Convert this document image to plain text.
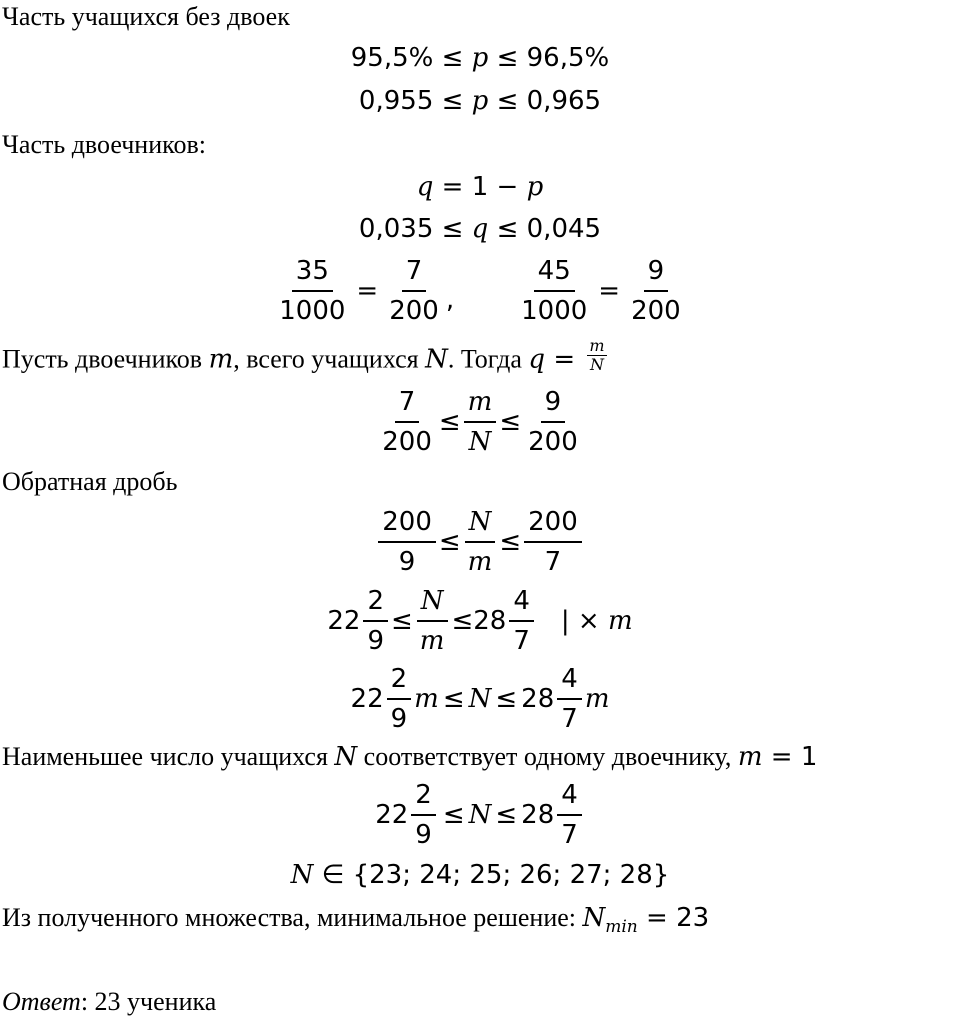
Часть учащихся без двоек
95,5% ≤ p ≤ 96,5%
0,955 ≤ p ≤ 0,965
Часть двоечников:
q = 1 − p
0,035 ≤ q ≤ 0,045
$\frac{35}{1000} = \frac{7}{200}$ , $\frac{45}{1000} = \frac{9}{200}$
Пусть двоечников m, всего учащихся N. Тогда $q = \frac{m}{N}$
$\frac{7}{200} \le \frac{m}{N} \le \frac{9}{200}$
Обратная дробь
$\frac{200}{9} \le \frac{N}{m} \le \frac{200}{7}$
$22 \frac{2}{9} \le \frac{N}{m} \le 28 \frac{4}{7}$ | × m
$22 \frac{2}{9}$ $m \le N \le 28 \frac{4}{7}$ m
Наименьшее число учащихся N соответствует одному двоечнику, m = 1
$22 \frac{2}{9} \le N \le 28 \frac{4}{7}$
N ∈ {23; 24; 25; 26; 27; 28}
Из полученного множества, минимальное решение: $N_{min} = 23$
Ответ: 23 ученика
